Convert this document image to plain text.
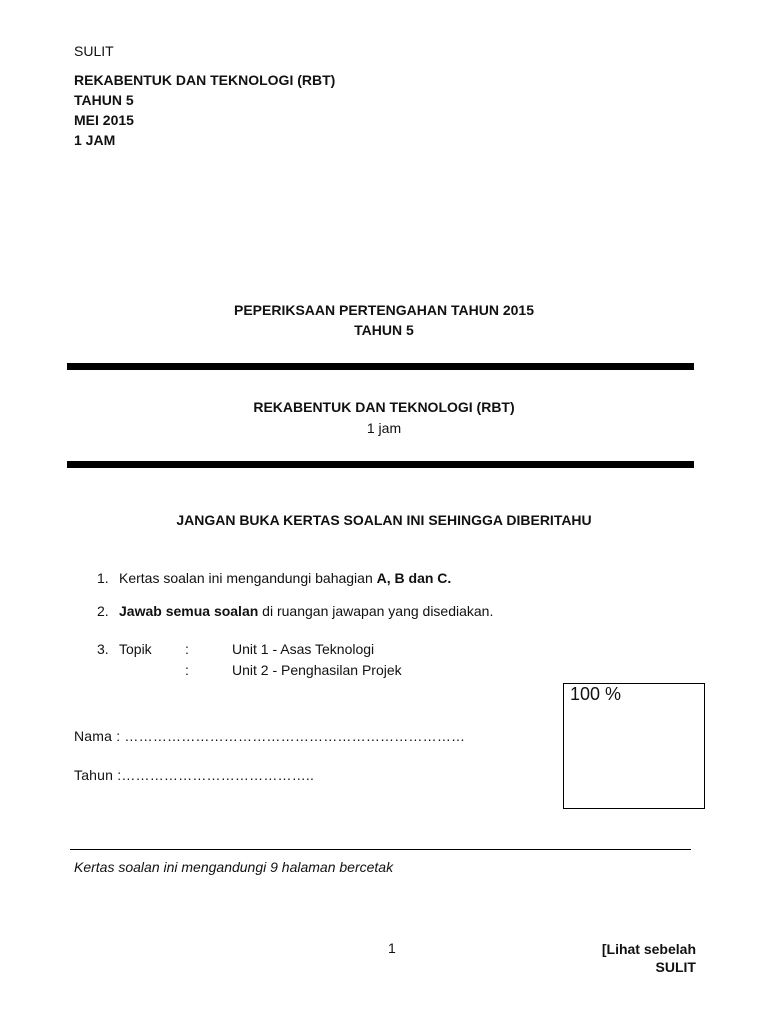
SULIT
REKABENTUK DAN TEKNOLOGI (RBT)
TAHUN 5
MEI 2015
1 JAM
PEPERIKSAAN PERTENGAHAN TAHUN 2015
TAHUN 5
REKABENTUK DAN TEKNOLOGI (RBT)
1 jam
JANGAN BUKA KERTAS SOALAN INI SEHINGGA DIBERITAHU
1. Kertas soalan ini mengandungi bahagian A, B dan C.
2. Jawab semua soalan di ruangan jawapan yang disediakan.
3. Topik :	Unit 1 - Asas Teknologi
:	Unit 2 - Penghasilan Projek
100 %
Nama : ………………………………………………………………
Tahun :…………………………………..
Kertas soalan ini mengandungi 9 halaman bercetak
1	[Lihat sebelah
SULIT
